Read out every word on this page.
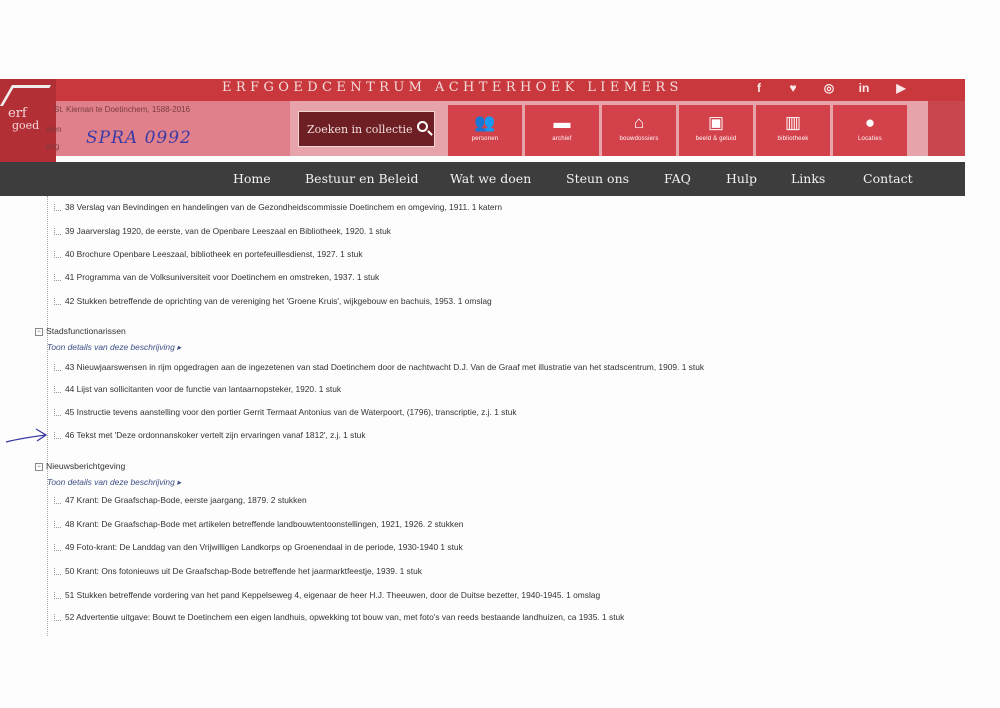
ERFGOEDCENTRUM ACHTERHOEK LIEMERS	f	♥	◎	in	▶
erf
goed
St. Kiernan te Doetinchem, 1588-2016
rken
ang SPRA 0992	Zoeken in collectie	👥
personen
▬
archief
⌂
bouwdossiers
▣
beeld & geluid
▥
bibliotheek
●
Locaties
Home	Bestuur en Beleid	Wat we doen	Steun ons	FAQ	Hulp	Links	Contact
38 Verslag van Bevindingen en handelingen van de Gezondheidscommissie Doetinchem en omgeving, 1911. 1 katern
39 Jaarverslag 1920, de eerste, van de Openbare Leeszaal en Bibliotheek, 1920. 1 stuk
40 Brochure Openbare Leeszaal, bibliotheek en portefeuillesdienst, 1927. 1 stuk
41 Programma van de Volksuniversiteit voor Doetinchem en omstreken, 1937. 1 stuk
42 Stukken betreffende de oprichting van de vereniging het 'Groene Kruis', wijkgebouw en bachuis, 1953. 1 omslag
− Stadsfunctionarissen
Toon details van deze beschrijving ▸
43 Nieuwjaarswensen in rijm opgedragen aan de ingezetenen van stad Doetinchem door de nachtwacht D.J. Van de Graaf met illustratie van het stadscentrum, 1909. 1 stuk
44 Lijst van sollicitanten voor de functie van lantaarnopsteker, 1920. 1 stuk
45 Instructie tevens aanstelling voor den portier Gerrit Termaat Antonius van de Waterpoort, (1796), transcriptie, z.j. 1 stuk
46 Tekst met 'Deze ordonnanskoker vertelt zijn ervaringen vanaf 1812', z.j. 1 stuk
− Nieuwsberichtgeving
Toon details van deze beschrijving ▸
47 Krant: De Graafschap-Bode, eerste jaargang, 1879. 2 stukken
48 Krant: De Graafschap-Bode met artikelen betreffende landbouwtentoonstellingen, 1921, 1926. 2 stukken
49 Foto-krant: De Landdag van den Vrijwilligen Landkorps op Groenendaal in de periode, 1930-1940 1 stuk
50 Krant: Ons fotonieuws uit De Graafschap-Bode betreffende het jaarmarktfeestje, 1939. 1 stuk
51 Stukken betreffende vordering van het pand Keppelseweg 4, eigenaar de heer H.J. Theeuwen, door de Duitse bezetter, 1940-1945. 1 omslag
52 Advertentie uitgave: Bouwt te Doetinchem een eigen landhuis, opwekking tot bouw van, met foto's van reeds bestaande landhuizen, ca 1935. 1 stuk
